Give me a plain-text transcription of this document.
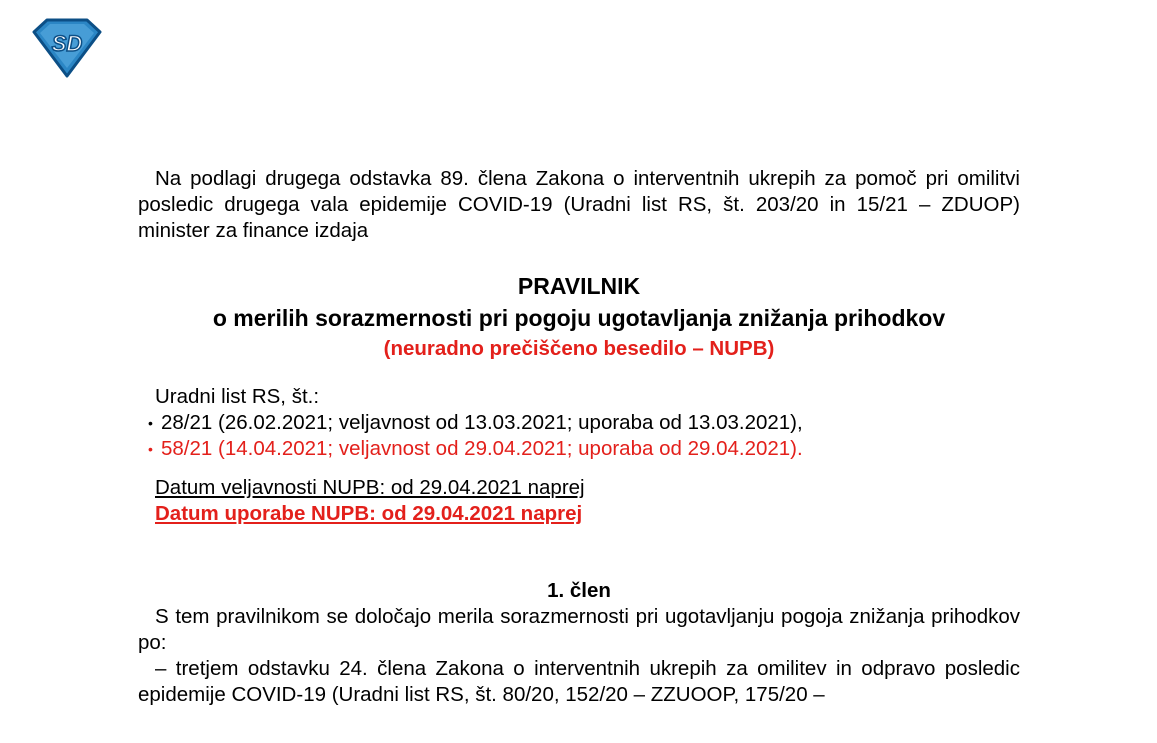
SD

Na podlagi drugega odstavka 89. člena Zakona o interventnih ukrepih za pomoč pri omilitvi posledic drugega vala epidemije COVID-19 (Uradni list RS, št. 203/20 in 15/21 – ZDUOP) minister za finance izdaja

PRAVILNIK
o merilih sorazmernosti pri pogoju ugotavljanja znižanja prihodkov
(neuradno prečiščeno besedilo – NUPB)
Uradni list RS, št.:
• 28/21 (26.02.2021; veljavnost od 13.03.2021; uporaba od 13.03.2021),
• 58/21 (14.04.2021; veljavnost od 29.04.2021; uporaba od 29.04.2021).
Datum veljavnosti NUPB: od 29.04.2021 naprej
Datum uporabe NUPB: od 29.04.2021 naprej
1. člen

S tem pravilnikom se določajo merila sorazmernosti pri ugotavljanju pogoja znižanja prihodkov po:

– tretjem odstavku 24. člena Zakona o interventnih ukrepih za omilitev in odpravo posledic epidemije COVID-19 (Uradni list RS, št. 80/20, 152/20 – ZZUOOP, 175/20 –
